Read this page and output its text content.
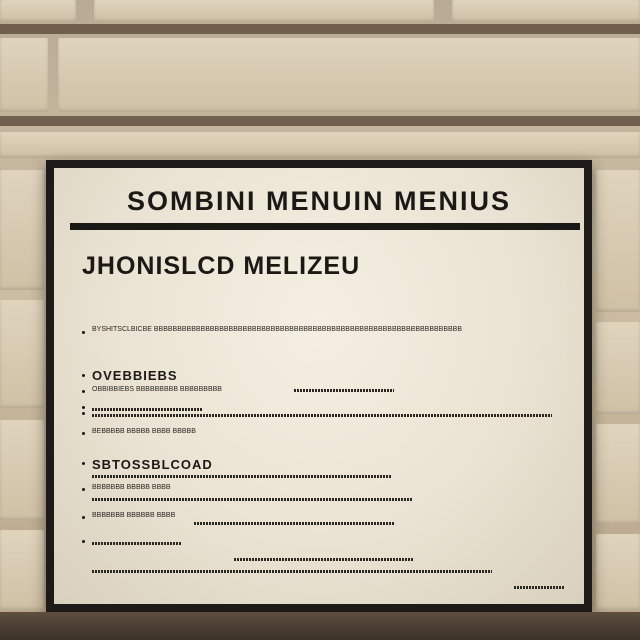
SOMBINI MENUIN MENIUS
JHONISLCD MELIZEU
BYSHITSCLBICBE BBBBBBBBBBBBBBBBBBBBBBBBBBBBBBBBBBBBBBBBBBBBBBBBBBBBBBBBBBBBBBBBBB
OVEBBIEBS
OBBIBBIEBS BBBBBBBBB BBBBBBBBB
BEBBBBB BBBBB BBBB BBBBB
SBTOSSBLCOAD
BBBBBBB BBBBB BBBB
BBBBBBB BBBBBB BBBB
